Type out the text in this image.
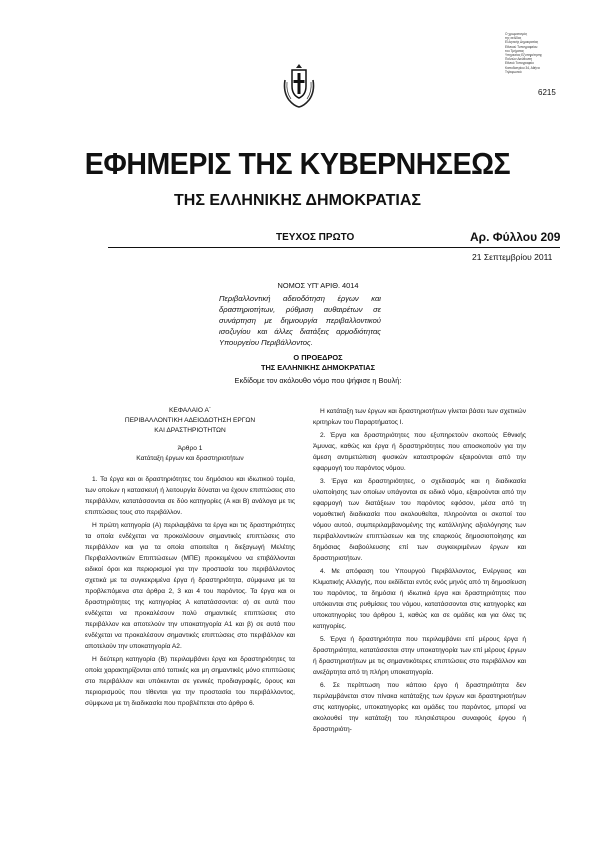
Ο χρωματισμός
της σελίδας
Ελληνικής Δημοκρατίας
Εθνικού Τυπογραφείου
του Τμήματος
Υπηρεσίας Εξυπηρέτησης
Πολιτών Διεύθυνση
Εθνικό Τυπογραφείο
Καποδιστρίου 34, Αθήνα
Τηλεφωνικό
6215
ΕΦΗΜΕΡΙΣ ΤΗΣ ΚΥΒΕΡΝΗΣΕΩΣ
ΤΗΣ ΕΛΛΗΝΙΚΗΣ ΔΗΜΟΚΡΑΤΙΑΣ
ΤΕΥΧΟΣ ΠΡΩΤΟ	Αρ. Φύλλου 209
21 Σεπτεμβρίου 2011
ΝΟΜΟΣ ΥΠ' ΑΡΙΘ. 4014
Περιβαλλοντική αδειοδότηση έργων και δραστηριοτήτων, ρύθμιση αυθαιρέτων σε συνάρτηση με δημιουργία περιβαλλοντικού ισοζυγίου και άλλες διατάξεις αρμοδιότητας Υπουργείου Περιβάλλοντος.
Ο ΠΡΟΕΔΡΟΣ
ΤΗΣ ΕΛΛΗΝΙΚΗΣ ΔΗΜΟΚΡΑΤΙΑΣ
Εκδίδομε τον ακόλουθο νόμο που ψήφισε η Βουλή:
ΚΕΦΑΛΑΙΟ Α΄
ΠΕΡΙΒΑΛΛΟΝΤΙΚΗ ΑΔΕΙΟΔΟΤΗΣΗ ΕΡΓΩΝ
ΚΑΙ ΔΡΑΣΤΗΡΙΟΤΗΤΩΝ
Άρθρο 1
Κατάταξη έργων και δραστηριοτήτων

1. Τα έργα και οι δραστηριότητες του δημόσιου και ιδιωτικού τομέα, των οποίων η κατασκευή ή λειτουργία δύναται να έχουν επιπτώσεις στο περιβάλλον, κατατάσσονται σε δύο κατηγορίες (Α και Β) ανάλογα με τις επιπτώσεις τους στο περιβάλλον.

Η πρώτη κατηγορία (Α) περιλαμβάνει τα έργα και τις δραστηριότητες τα οποία ενδέχεται να προκαλέσουν σημαντικές επιπτώσεις στο περιβάλλον και για τα οποία αποιτείται η διεξαγωγή Μελέτης Περιβαλλοντικών Επιπτώσεων (ΜΠΕ) προκειμένου να επιβάλλονται ειδικοί όροι και περιορισμοί για την προστασία του περιβάλλοντος σχετικά με τα συγκεκριμένα έργα ή δραστηριότητα, σύμφωνα με τα προβλεπόμενα στα άρθρα 2, 3 και 4 του παρόντος. Τα έργα και οι δραστηριότητες της κατηγορίας Α κατατάσσονται: α) σε αυτά που ενδέχεται να προκαλέσουν πολύ σημαντικές επιπτώσεις στο περιβάλλον και αποτελούν την υποκατηγορία Α1 και β) σε αυτά που ενδέχεται να προκαλέσουν σημαντικές επιπτώσεις στο περιβάλλον και αποτελούν την υποκατηγορία Α2.

Η δεύτερη κατηγορία (Β) περιλαμβάνει έργα και δραστηριότητες τα οποία χαρακτηρίζονται από τοπικές και μη σημαντικές μόνο επιπτώσεις στο περιβάλλον και υπόκεινται σε γενικές προδιαγραφές, όρους και περιορισμούς που τίθενται για την προστασία του περιβάλλοντος, σύμφωνα με τη διαδικασία που προβλέπεται στο άρθρο 6.

Η κατάταξη των έργων και δραστηριοτήτων γίνεται βάσει των σχετικών κριτηρίων του Παραρτήματος Ι.

2. Έργα και δραστηριότητες που εξυπηρετούν σκοπούς Εθνικής Άμυνας, καθώς και έργα ή δραστηριότητες που αποσκοπούν για την άμεση αντιμετώπιση φυσικών καταστροφών εξαιρούνται από την εφαρμογή του παρόντος νόμου.

3. Έργα και δραστηριότητες, ο σχεδιασμός και η διαδικασία υλοποίησης των οποίων υπάγονται σε ειδικό νόμο, εξαιρούνται από την εφαρμογή των διατάξεων του παρόντος εφόσον, μέσα από τη νομοθετική διαδικασία που ακολουθείται, πληρούνται οι σκοποί του νόμου αυτού, συμπεριλαμβανομένης της κατάλληλης αξιολόγησης των περιβαλλοντικών επιπτώσεων και της επαρκούς δημοσιοποίησης και δημόσιας διαβούλευσης επί των συγκεκριμένων έργων και δραστηριοτήτων.

4. Με απόφαση του Υπουργού Περιβάλλοντος, Ενέργειας και Κλιματικής Αλλαγής, που εκδίδεται εντός ενός μηνός από τη δημοσίευση του παρόντος, τα δημόσια ή ιδιωτικά έργα και δραστηριότητες που υπόκεινται στις ρυθμίσεις του νόμου, κατατάσσονται στις κατηγορίες και υποκατηγορίες του άρθρου 1, καθώς και σε ομάδες και για όλες τις κατηγορίες.

5. Έργα ή δραστηριότητα που περιλαμβάνει επί μέρους έργα ή δραστηριότητα, κατατάσσεται στην υποκατηγορία των επί μέρους έργων ή δραστηριοτήτων με τις σημαντικότερες επιπτώσεις στο περιβάλλον και ανεξάρτητα από τη πλήρη υποκατηγορία.

6. Σε περίπτωση που κάποιο έργο ή δραστηριότητα δεν περιλαμβάνεται στον πίνακα κατάταξης των έργων και δραστηριοτήτων στις κατηγορίες, υποκατηγορίες και ομάδες του παρόντος, μπορεί να ακολουθεί την κατάταξη του πλησιέστερου συναφούς έργου ή δραστηριότη-
